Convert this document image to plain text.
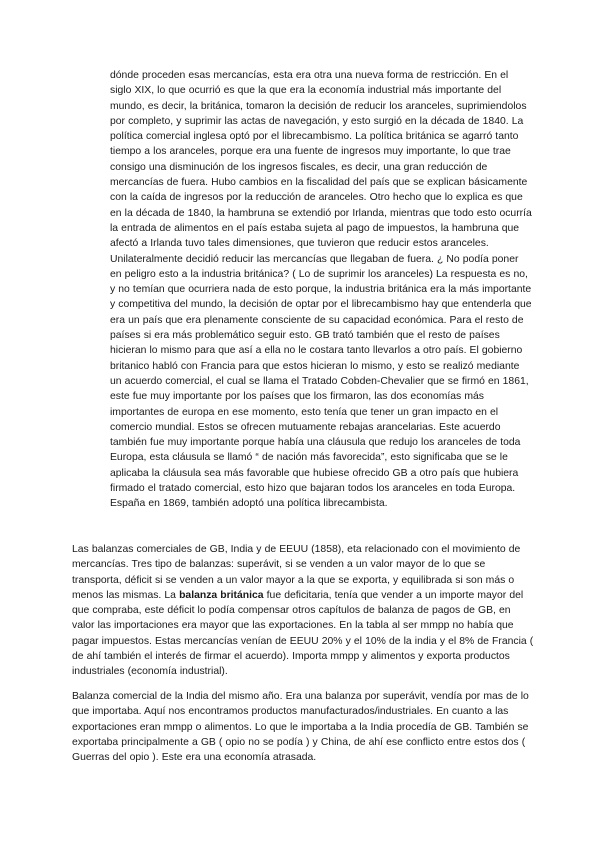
dónde proceden esas mercancías, esta era otra una nueva forma de restricción. En el siglo XIX, lo que ocurrió es que la que era la economía industrial más importante del mundo, es decir, la británica, tomaron la decisión de reducir los aranceles, suprimiendolos por completo, y suprimir las actas de navegación, y esto surgió en la década de 1840. La política comercial inglesa optó por el librecambismo. La política británica se agarró tanto tiempo a los aranceles, porque era una fuente de ingresos muy importante, lo que trae consigo una disminución de los ingresos fiscales, es decir, una gran reducción de mercancías de fuera. Hubo cambios en la fiscalidad del país que se explican básicamente con la caída de ingresos por la reducción de aranceles. Otro hecho que lo explica es que en la década de 1840, la hambruna se extendió por Irlanda, mientras que todo esto ocurría la entrada de alimentos en el país estaba sujeta al pago de impuestos, la hambruna que afectó a Irlanda tuvo tales dimensiones, que tuvieron que reducir estos aranceles. Unilateralmente decidió reducir las mercancías que llegaban de fuera. ¿ No podía poner en peligro esto a la industria británica? ( Lo de suprimir los aranceles) La respuesta es no, y no temían que ocurriera nada de esto porque, la industria británica era la más importante y competitiva del mundo, la decisión de optar por el librecambismo hay que entenderla que era un país que era plenamente consciente de su capacidad económica. Para el resto de países si era más problemático seguir esto. GB trató también que el resto de países hicieran lo mismo para que así a ella no le costara tanto llevarlos a otro país. El gobierno britanico habló con Francia para que estos hicieran lo mismo, y esto se realizó mediante un acuerdo comercial, el cual se llama el Tratado Cobden-Chevalier que se firmó en 1861, este fue muy importante por los países que los firmaron, las dos economías más importantes de europa en ese momento, esto tenía que tener un gran impacto en el comercio mundial. Estos se ofrecen mutuamente rebajas arancelarias. Este acuerdo también fue muy importante porque había una cláusula que redujo los aranceles de toda Europa, esta cláusula se llamó “ de nación más favorecida”, esto significaba que se le aplicaba la cláusula sea más favorable que hubiese ofrecido GB a otro país que hubiera firmado el tratado comercial, esto hizo que bajaran todos los aranceles en toda Europa. España en 1869, también adoptó una política librecambista.

Las balanzas comerciales de GB, India y de EEUU (1858), eta relacionado con el movimiento de mercancías. Tres tipo de balanzas: superávit, si se venden a un valor mayor de lo que se transporta, déficit si se venden a un valor mayor a la que se exporta, y equilibrada si son más o menos las mismas. La balanza británica fue deficitaria, tenía que vender a un importe mayor del que compraba, este déficit lo podía compensar otros capítulos de balanza de pagos de GB, en valor las importaciones era mayor que las exportaciones. En la tabla al ser mmpp no había que pagar impuestos. Estas mercancías venían de EEUU 20% y el 10% de la india y el 8% de Francia ( de ahí también el interés de firmar el acuerdo). Importa mmpp y alimentos y exporta productos industriales (economía industrial).

Balanza comercial de la India del mismo año. Era una balanza por superávit, vendía por mas de lo que importaba. Aquí nos encontramos productos manufacturados/industriales. En cuanto a las exportaciones eran mmpp o alimentos. Lo que le importaba a la India procedía de GB. También se exportaba principalmente a GB ( opio no se podía ) y China, de ahí ese conflicto entre estos dos ( Guerras del opio ). Este era una economía atrasada.
